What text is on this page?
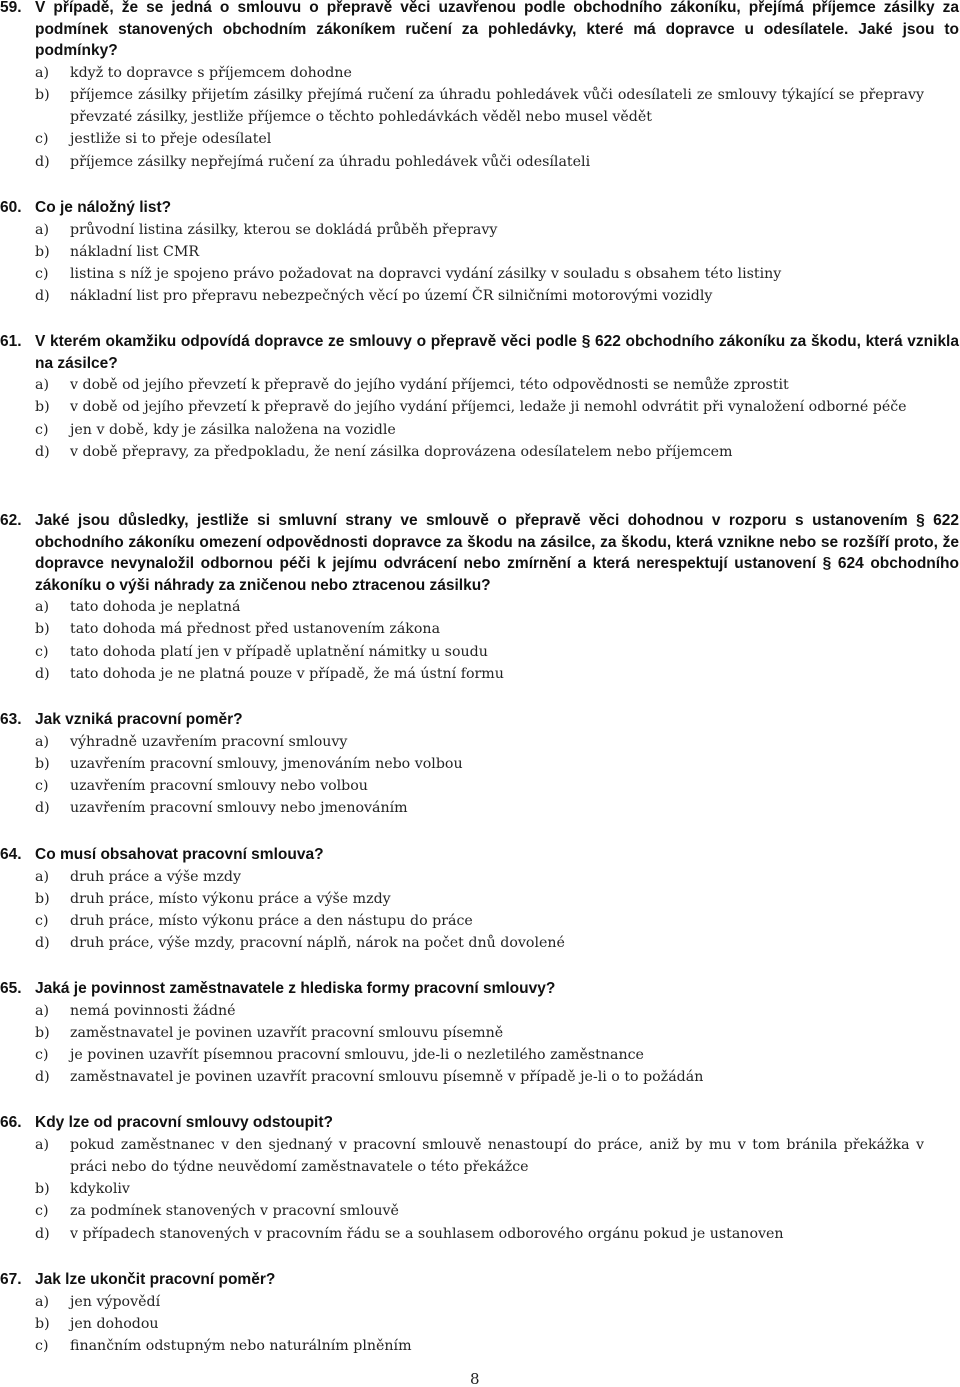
59. V případě, že se jedná o smlouvu o přepravě věci uzavřenou podle obchodního zákoníku, přejímá příjemce zásilky za podmínek stanovených obchodním zákoníkem ručení za pohledávky, které má dopravce u odesílatele. Jaké jsou to podmínky?
a)	když to dopravce s příjemcem dohodne
b)	příjemce zásilky přijetím zásilky přejímá ručení za úhradu pohledávek vůči odesílateli ze smlouvy týkající se přepravy převzaté zásilky, jestliže příjemce o těchto pohledávkách věděl nebo musel vědět
c)	jestliže si to přeje odesílatel
d)	příjemce zásilky nepřejímá ručení za úhradu pohledávek vůči odesílateli
60. Co je náložný list?
a)	průvodní listina zásilky, kterou se dokládá průběh přepravy
b)	nákladní list CMR
c)	listina s níž je spojeno právo požadovat na dopravci vydání zásilky v souladu s obsahem této listiny
d)	nákladní list pro přepravu nebezpečných věcí po území ČR silničními motorovými vozidly
61. V kterém okamžiku odpovídá dopravce ze smlouvy o přepravě věci podle § 622 obchodního zákoníku za škodu, která vznikla na zásilce?
a)	v době od jejího převzetí k přepravě do jejího vydání příjemci, této odpovědnosti se nemůže zprostit
b)	v době od jejího převzetí k přepravě do jejího vydání příjemci, ledaže ji nemohl odvrátit při vynaložení odborné péče
c)	jen v době, kdy je zásilka naložena na vozidle
d)	v době přepravy, za předpokladu, že není zásilka doprovázena odesílatelem nebo příjemcem
62. Jaké jsou důsledky, jestliže si smluvní strany ve smlouvě o přepravě věci dohodnou v rozporu s ustanovením § 622 obchodního zákoníku omezení odpovědnosti dopravce za škodu na zásilce, za škodu, která vznikne nebo se rozšíří proto, že dopravce nevynaložil odbornou péči k jejímu odvrácení nebo zmírnění a která nerespektují ustanovení § 624 obchodního zákoníku o výši náhrady za zničenou nebo ztracenou zásilku?
a)	tato dohoda je neplatná
b)	tato dohoda má přednost před ustanovením zákona
c)	tato dohoda platí jen v případě uplatnění námitky u soudu
d)	tato dohoda je ne platná pouze v případě, že má ústní formu
63. Jak vzniká pracovní poměr?
a)	výhradně uzavřením pracovní smlouvy
b)	uzavřením pracovní smlouvy, jmenováním nebo volbou
c)	uzavřením pracovní smlouvy nebo volbou
d)	uzavřením pracovní smlouvy nebo jmenováním
64. Co musí obsahovat pracovní smlouva?
a)	druh práce a výše mzdy
b)	druh práce, místo výkonu práce a výše mzdy
c)	druh práce, místo výkonu práce a den nástupu do práce
d)	druh práce, výše mzdy, pracovní náplň, nárok na počet dnů dovolené
65. Jaká je povinnost zaměstnavatele z hlediska formy pracovní smlouvy?
a)	nemá povinnosti žádné
b)	zaměstnavatel je povinen uzavřít pracovní smlouvu písemně
c)	je povinen uzavřít písemnou pracovní smlouvu, jde-li o nezletilého zaměstnance
d)	zaměstnavatel je povinen uzavřít pracovní smlouvu písemně v případě je-li o to požádán
66. Kdy lze od pracovní smlouvy odstoupit?
a)	pokud zaměstnanec v den sjednaný v pracovní smlouvě nenastoupí do práce, aniž by mu v tom bránila překážka v práci nebo do týdne neuvědomí zaměstnavatele o této překážce
b)	kdykoliv
c)	za podmínek stanovených v pracovní smlouvě
d)	v případech stanovených v pracovním řádu se a souhlasem odborového orgánu pokud je ustanoven
67. Jak lze ukončit pracovní poměr?
a)	jen výpovědí
b)	jen dohodou
c)	finančním odstupným nebo naturálním plněním
8
